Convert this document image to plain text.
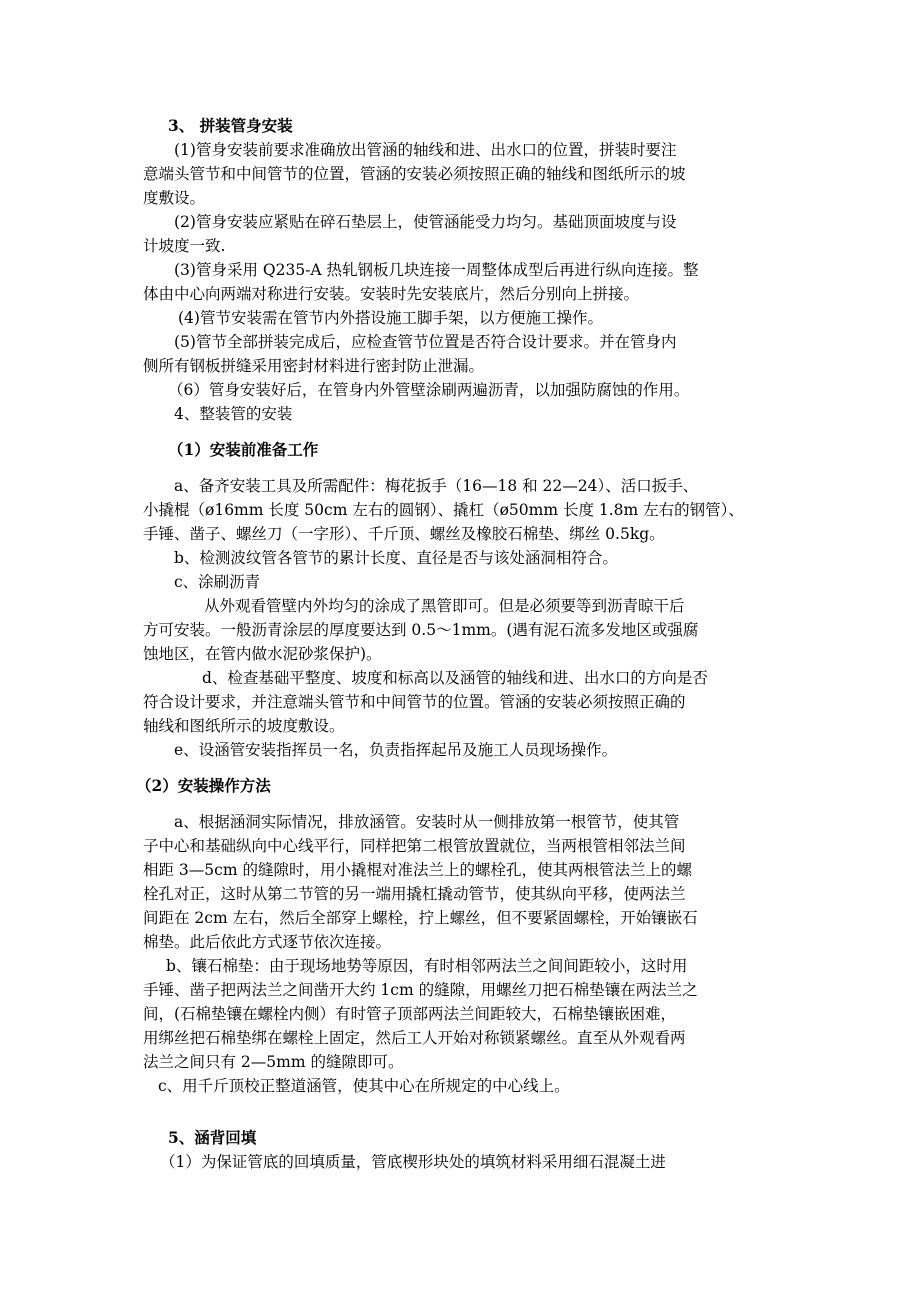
3、 拼装管身安装
(1)管身安装前要求准确放出管涵的轴线和进、出水口的位置，拼装时要注
意端头管节和中间管节的位置，管涵的安装必须按照正确的轴线和图纸所示的坡
度敷设。
(2)管身安装应紧贴在碎石垫层上，使管涵能受力均匀。基础顶面坡度与设
计坡度一致.
(3)管身采用 Q235-A 热轧钢板几块连接一周整体成型后再进行纵向连接。整
体由中心向两端对称进行安装。安装时先安装底片，然后分别向上拼接。
(4)管节安装需在管节内外搭设施工脚手架，以方便施工操作。
(5)管节全部拼装完成后，应检查管节位置是否符合设计要求。并在管身内
侧所有钢板拼缝采用密封材料进行密封防止泄漏。
（6）管身安装好后，在管身内外管壁涂刷两遍沥青，以加强防腐蚀的作用。
4、整装管的安装
（1）安装前准备工作
a、备齐安装工具及所需配件：梅花扳手（16—18 和 22—24）、活口扳手、
小撬棍（ø16mm 长度 50cm 左右的圆钢）、撬杠（ø50mm 长度 1.8m 左右的钢管）、
手锤、凿子、螺丝刀（一字形）、千斤顶、螺丝及橡胶石棉垫、绑丝 0.5kg。
b、检测波纹管各管节的累计长度、直径是否与该处涵洞相符合。
c、涂刷沥青
从外观看管壁内外均匀的涂成了黑管即可。但是必须要等到沥青晾干后
方可安装。一般沥青涂层的厚度要达到 0.5～1mm。(遇有泥石流多发地区或强腐
蚀地区，在管内做水泥砂浆保护)。
d、检查基础平整度、坡度和标高以及涵管的轴线和进、出水口的方向是否
符合设计要求，并注意端头管节和中间管节的位置。管涵的安装必须按照正确的
轴线和图纸所示的坡度敷设。
e、设涵管安装指挥员一名，负责指挥起吊及施工人员现场操作。
（2）安装操作方法
a、根据涵洞实际情况，排放涵管。安装时从一侧排放第一根管节，使其管
子中心和基础纵向中心线平行，同样把第二根管放置就位，当两根管相邻法兰间
相距 3—5cm 的缝隙时，用小撬棍对准法兰上的螺栓孔，使其两根管法兰上的螺
栓孔对正，这时从第二节管的另一端用撬杠撬动管节，使其纵向平移，使两法兰
间距在 2cm 左右，然后全部穿上螺栓，拧上螺丝，但不要紧固螺栓，开始镶嵌石
棉垫。此后依此方式逐节依次连接。
b、镶石棉垫：由于现场地势等原因，有时相邻两法兰之间间距较小，这时用
手锤、凿子把两法兰之间凿开大约 1cm 的缝隙，用螺丝刀把石棉垫镶在两法兰之
间，(石棉垫镶在螺栓内侧）有时管子顶部两法兰间距较大，石棉垫镶嵌困难，
用绑丝把石棉垫绑在螺栓上固定，然后工人开始对称锁紧螺丝。直至从外观看两
法兰之间只有 2—5mm 的缝隙即可。
c、用千斤顶校正整道涵管，使其中心在所规定的中心线上。
5、涵背回填
（1）为保证管底的回填质量，管底楔形块处的填筑材料采用细石混凝土进
